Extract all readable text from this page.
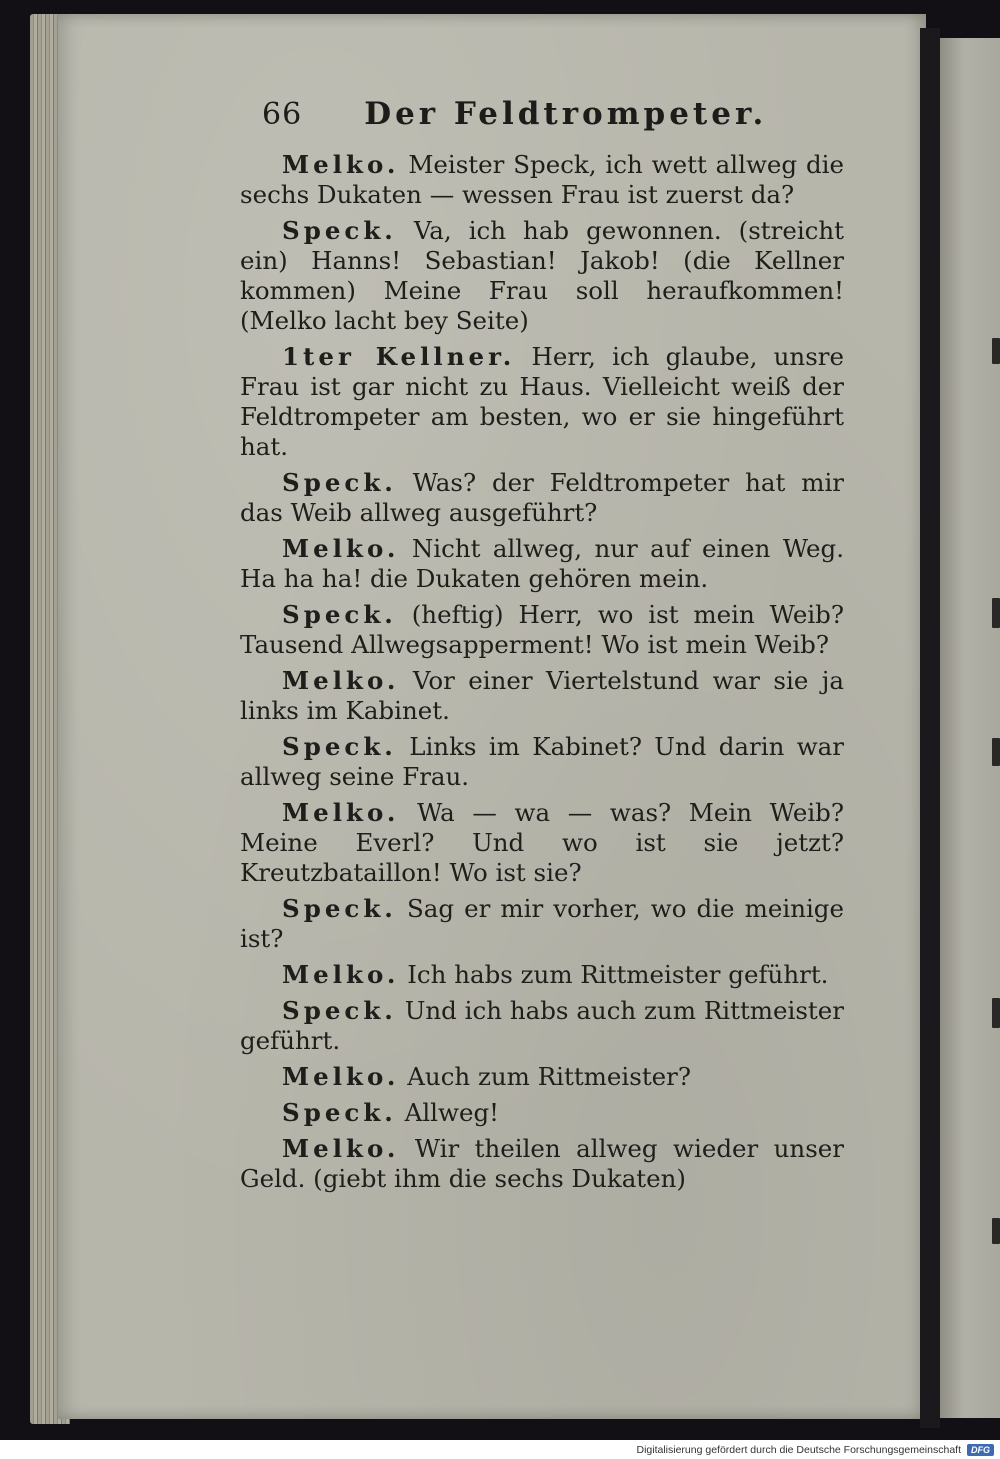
66 Der Feldtrompeter.

Melko. Meister Speck, ich wett allweg die sechs Dukaten — wessen Frau ist zuerst da?

Speck. Va, ich hab gewonnen. (streicht ein) Hanns! Sebastian! Jakob! (die Kellner kommen) Meine Frau soll heraufkommen! (Melko lacht bey Seite)

1ter Kellner. Herr, ich glaube, unsre Frau ist gar nicht zu Haus. Vielleicht weiß der Feldtrompeter am besten, wo er sie hingeführt hat.

Speck. Was? der Feldtrompeter hat mir das Weib allweg ausgeführt?

Melko. Nicht allweg, nur auf einen Weg. Ha ha ha! die Dukaten gehören mein.

Speck. (heftig) Herr, wo ist mein Weib? Tausend Allwegsapperment! Wo ist mein Weib?

Melko. Vor einer Viertelstund war sie ja links im Kabinet.

Speck. Links im Kabinet? Und darin war allweg seine Frau.

Melko. Wa — wa — was? Mein Weib? Meine Everl? Und wo ist sie jetzt? Kreutzbataillon! Wo ist sie?

Speck. Sag er mir vorher, wo die meinige ist?

Melko. Ich habs zum Rittmeister geführt.

Speck. Und ich habs auch zum Rittmeister geführt.

Melko. Auch zum Rittmeister?

Speck. Allweg!

Melko. Wir theilen allweg wieder unser Geld. (giebt ihm die sechs Dukaten)

Digitalisierung gefördert durch die Deutsche Forschungsgemeinschaft	DFG
